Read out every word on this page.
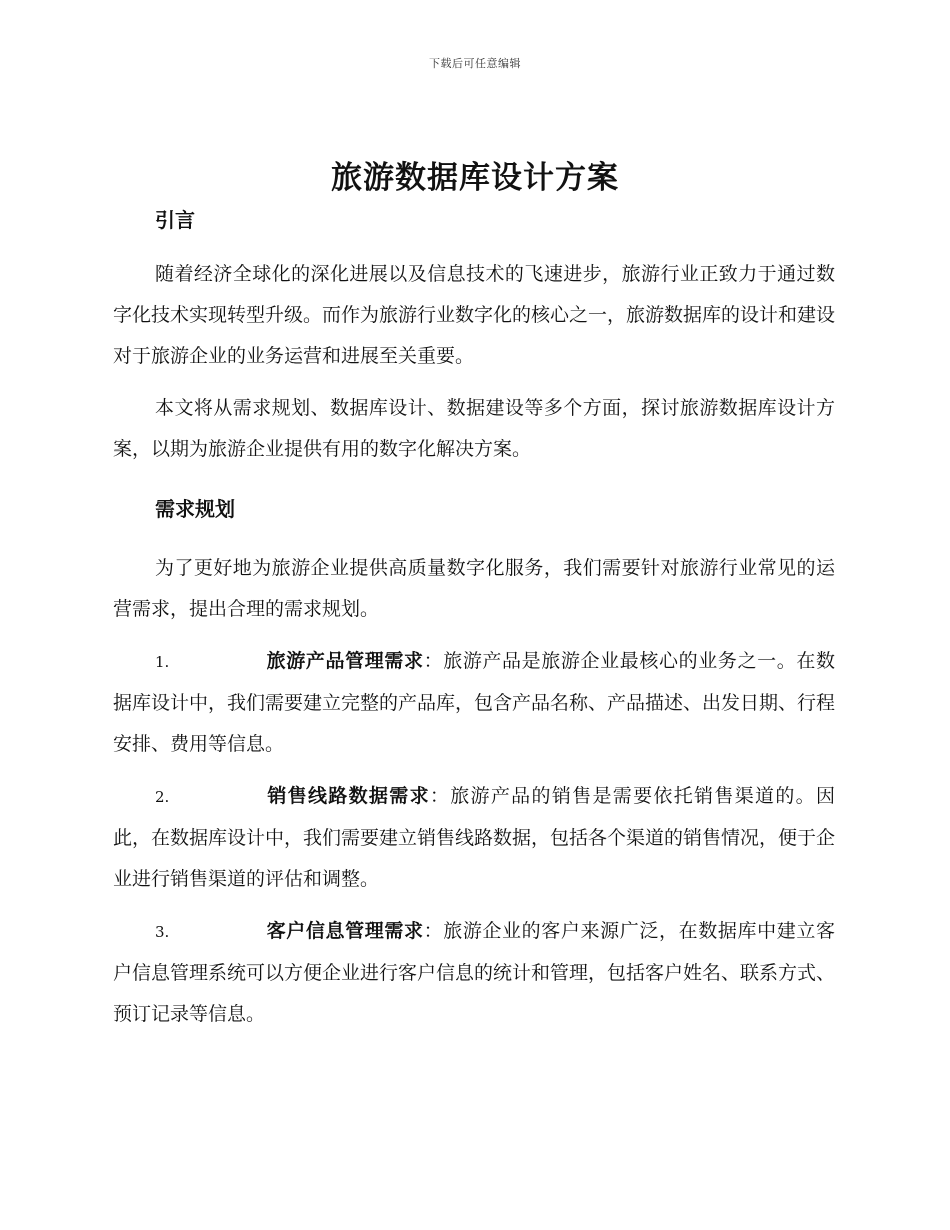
下载后可任意编辑
旅游数据库设计方案
引言

随着经济全球化的深化进展以及信息技术的飞速进步，旅游行业正致力于通过数字化技术实现转型升级。而作为旅游行业数字化的核心之一，旅游数据库的设计和建设对于旅游企业的业务运营和进展至关重要。

本文将从需求规划、数据库设计、数据建设等多个方面，探讨旅游数据库设计方案，以期为旅游企业提供有用的数字化解决方案。

需求规划

为了更好地为旅游企业提供高质量数字化服务，我们需要针对旅游行业常见的运营需求，提出合理的需求规划。

1.	旅游产品管理需求：旅游产品是旅游企业最核心的业务之一。在数据库设计中，我们需要建立完整的产品库，包含产品名称、产品描述、出发日期、行程安排、费用等信息。

2.	销售线路数据需求：旅游产品的销售是需要依托销售渠道的。因此，在数据库设计中，我们需要建立销售线路数据，包括各个渠道的销售情况，便于企业进行销售渠道的评估和调整。

3.	客户信息管理需求：旅游企业的客户来源广泛，在数据库中建立客户信息管理系统可以方便企业进行客户信息的统计和管理，包括客户姓名、联系方式、预订记录等信息。
